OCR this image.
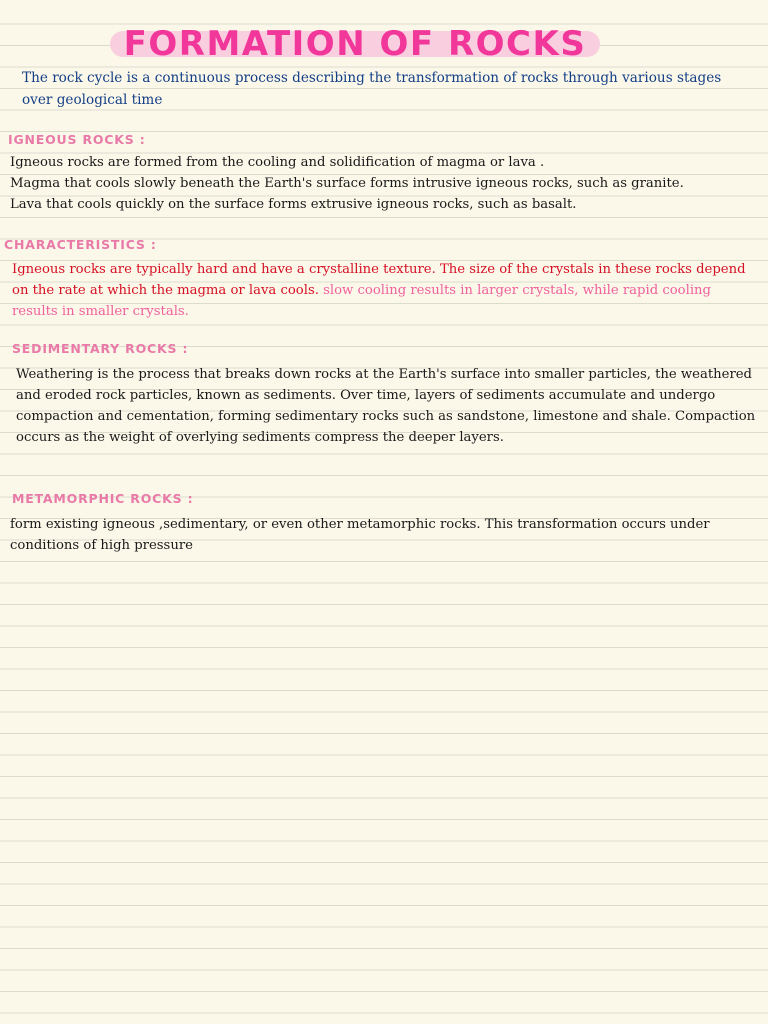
FORMATION OF ROCKS
The rock cycle is a continuous process describing the transformation of rocks through various stages over geological time
IGNEOUS ROCKS :
Igneous rocks are formed from the cooling and solidification of magma or lava .
Magma that cools slowly beneath the Earth's surface forms intrusive igneous rocks, such as granite.
Lava that cools quickly on the surface forms extrusive igneous rocks, such as basalt.
CHARACTERISTICS :
Igneous rocks are typically hard and have a crystalline texture. The size of the crystals in these rocks depend on the rate at which the magma or lava cools. slow cooling results in larger crystals, while rapid cooling results in smaller crystals.
SEDIMENTARY ROCKS :
Weathering is the process that breaks down rocks at the Earth's surface into smaller particles, the weathered and eroded rock particles, known as sediments. Over time, layers of sediments accumulate and undergo compaction and cementation, forming sedimentary rocks such as sandstone, limestone and shale. Compaction occurs as the weight of overlying sediments compress the deeper layers.
METAMORPHIC ROCKS :
form existing igneous ,sedimentary, or even other metamorphic rocks. This transformation occurs under conditions of high pressure
